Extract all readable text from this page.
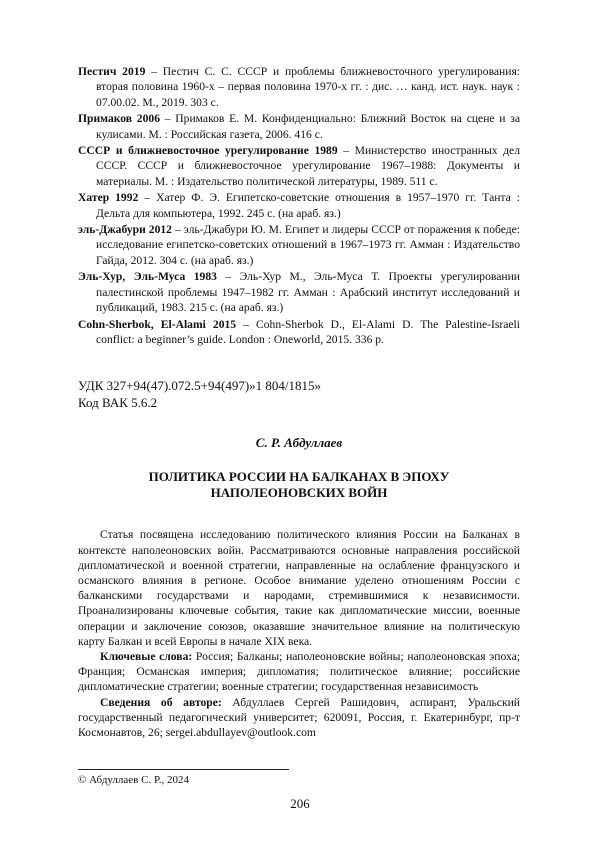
Пестич 2019 – Пестич С. С. СССР и проблемы ближневосточного урегулирования: вторая половина 1960-х – первая половина 1970-х гг. : дис. … канд. ист. наук. наук : 07.00.02. М., 2019. 303 с.

Примаков 2006 – Примаков Е. М. Конфиденциально: Ближний Восток на сцене и за кулисами. М. : Российская газета, 2006. 416 с.

СССР и ближневосточное урегулирование 1989 – Министерство иностранных дел СССР. СССР и ближневосточное урегулирование 1967–1988: Документы и материалы. М. : Издательство политической литературы, 1989. 511 с.

Хатер 1992 – Хатер Ф. Э. Египетско-советские отношения в 1957–1970 гг. Танта : Дельта для компьютера, 1992. 245 с. (на араб. яз.)

эль-Джабури 2012 – эль-Джабури Ю. М. Египет и лидеры СССР от поражения к победе: исследование египетско-советских отношений в 1967–1973 гг. Амман : Издательство Гайда, 2012. 304 с. (на араб. яз.)

Эль-Хур, Эль-Муса 1983 – Эль-Хур М., Эль-Муса Т. Проекты урегулировании палестинской проблемы 1947–1982 гг. Амман : Арабский институт исследований и публикаций, 1983. 215 с. (на араб. яз.)

Cohn-Sherbok, El-Alami 2015 – Cohn-Sherbok D., El-Alami D. The Palestine-Israeli conflict: a beginner’s guide. London : Oneworld, 2015. 336 p.

УДК 327+94(47).072.5+94(497)»1 804/1815»
Код ВАК 5.6.2
С. Р. Абдуллаев
ПОЛИТИКА РОССИИ НА БАЛКАНАХ В ЭПОХУ
НАПОЛЕОНОВСКИХ ВОЙН

Статья посвящена исследованию политического влияния России на Балканах в контексте наполеоновских войн. Рассматриваются основные направления российской дипломатической и военной стратегии, направленные на ослабление французского и османского влияния в регионе. Особое внимание уделено отношениям России с балканскими государствами и народами, стремившимися к независимости. Проанализированы ключевые события, такие как дипломатические миссии, военные операции и заключение союзов, оказавшие значительное влияние на политическую карту Балкан и всей Европы в начале XIX века.

Ключевые слова: Россия; Балканы; наполеоновские войны; наполеоновская эпоха; Франция; Османская империя; дипломатия; политическое влияние; российские дипломатические стратегии; военные стратегии; государственная независимость

Сведения об авторе: Абдуллаев Сергей Рашидович, аспирант, Уральский государственный педагогический университет; 620091, Россия, г. Екатеринбург, пр-т Космонавтов, 26; sergei.abdullayev@outlook.com

© Абдуллаев С. Р., 2024
206
